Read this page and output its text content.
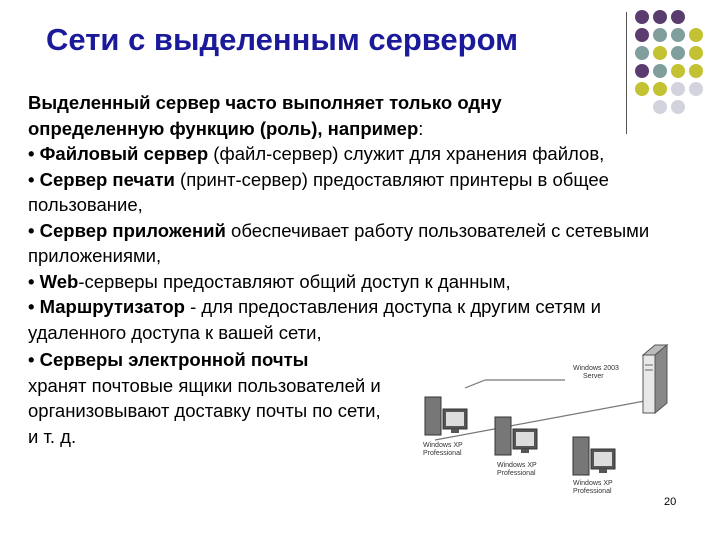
Сети с выделенным сервером

Выделенный сервер часто выполняет только одну
определенную функцию (роль), например:

• Файловый сервер (файл-сервер) служит для хранения файлов,

• Сервер печати (принт-сервер) предоставляют принтеры в общее пользование,

• Сервер приложений обеспечивает работу пользователей с сетевыми приложениями,

• Web-серверы предоставляют общий доступ к данным,

• Маршрутизатор - для предоставления доступа к другим сетям и удаленного доступа к вашей сети,

• Серверы электронной почты
хранят почтовые ящики пользователей и организовывают доставку почты по сети, и т. д.

Windows 2003
Server
Windows XP
Professional
Windows XP
Professional
Windows XP
Professional
20
